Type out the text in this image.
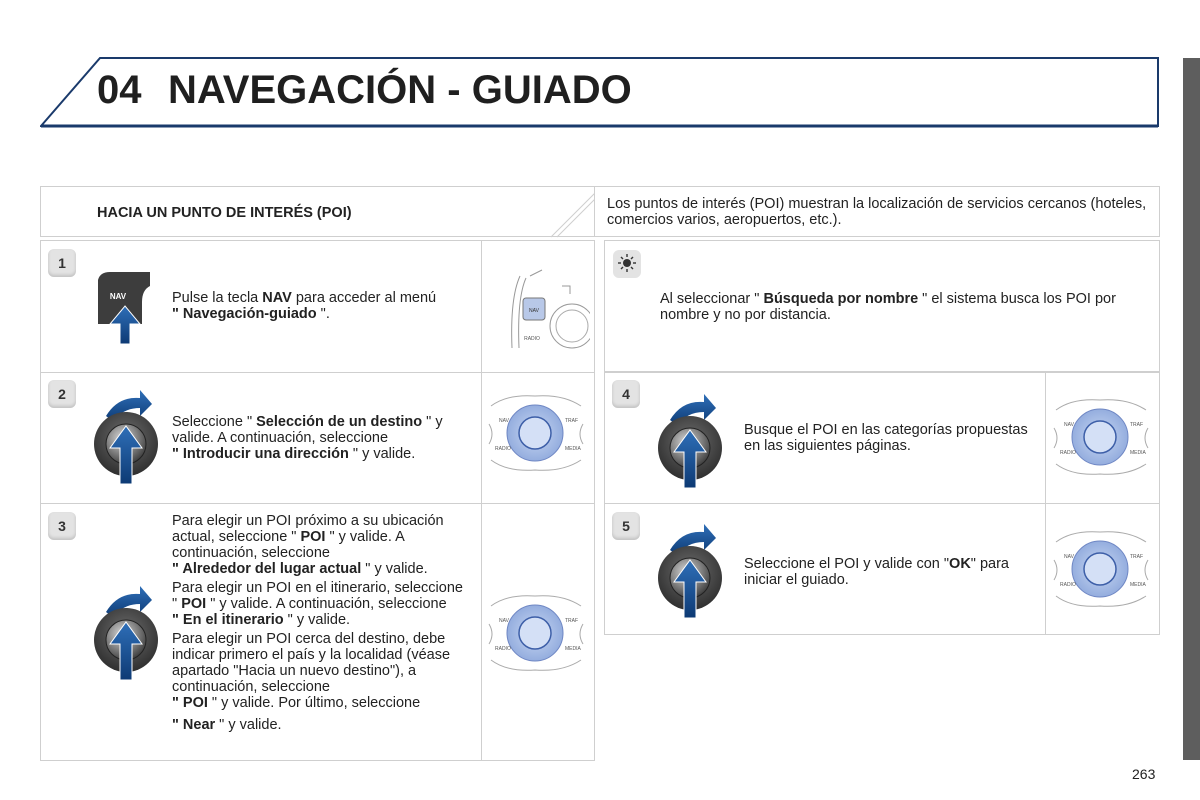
04 NAVEGACIÓN - GUIADO
HACIA UN PUNTO DE INTERÉS (POI)
Los puntos de interés (POI) muestran la localización de servicios cercanos (hoteles, comercios varios, aeropuertos, etc.).
1
NAV	Pulse la tecla NAV para acceder al menú
" Navegación-guiado ".	NAV
RADIO
2
Seleccione " Selección de un destino " y valide. A continuación, seleccione
" Introducir una dirección " y valide.
NAV	TRAF
RADIO	MEDIA
3	Para elegir un POI próximo a su ubicación actual, seleccione " POI " y valide. A continuación, seleccione
" Alrededor del lugar actual " y valide.

Para elegir un POI en el itinerario, seleccione " POI " y valide. A continuación, seleccione
" En el itinerario " y valide.

Para elegir un POI cerca del destino, debe indicar primero el país y la localidad (véase apartado "Hacia un nuevo destino"), a continuación, seleccione
" POI " y valide. Por último, seleccione

" Near " y valide.

NAV	TRAF
RADIO	MEDIA
Al seleccionar " Búsqueda por nombre " el sistema busca los POI por nombre y no por distancia.
4
Busque el POI en las categorías propuestas en las siguientes páginas.
NAV	TRAF
RADIO	MEDIA
5
Seleccione el POI y valide con "OK" para iniciar el guiado.
NAV	TRAF
RADIO	MEDIA
263
